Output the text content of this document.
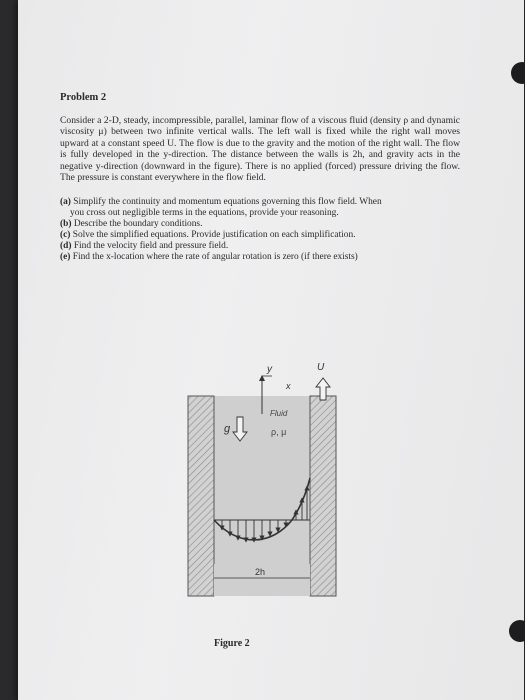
Problem 2

Consider a 2-D, steady, incompressible, parallel, laminar flow of a viscous fluid (density ρ and dynamic viscosity μ) between two infinite vertical walls. The left wall is fixed while the right wall moves upward at a constant speed U. The flow is due to the gravity and the motion of the right wall. The flow is fully developed in the y-direction. The distance between the walls is 2h, and gravity acts in the negative y-direction (downward in the figure). There is no applied (forced) pressure driving the flow. The pressure is constant everywhere in the flow field.

(a) Simplify the continuity and momentum equations governing this flow field. When
you cross out negligible terms in the equations, provide your reasoning.
(b) Describe the boundary conditions.
(c) Solve the simplified equations. Provide justification on each simplification.
(d) Find the velocity field and pressure field.
(e) Find the x-location where the rate of angular rotation is zero (if there exists)
y
x
U
g
Fluid
ρ, μ
2h
Figure 2
